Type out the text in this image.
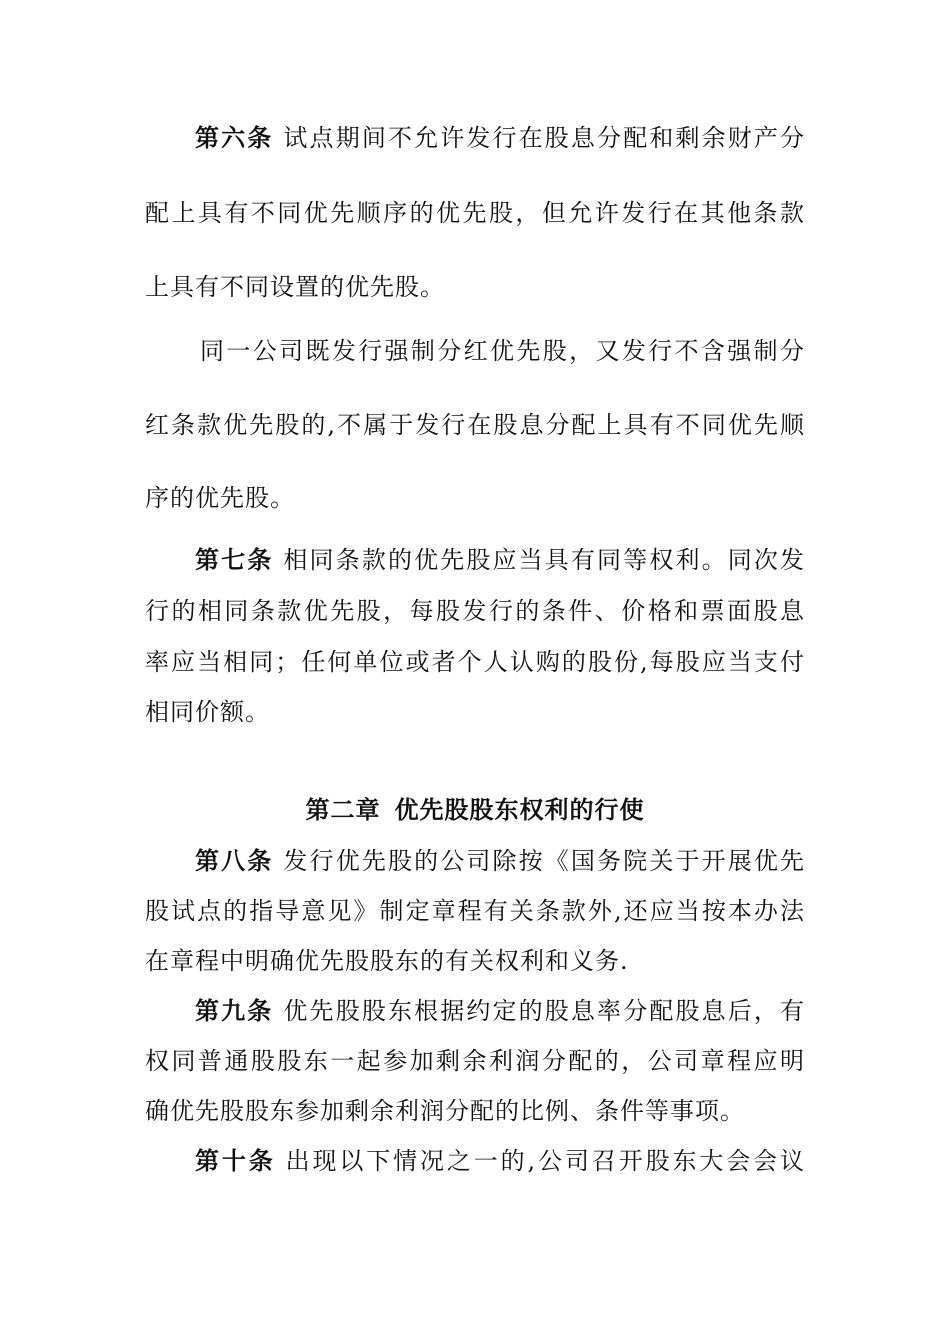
第六条 试点期间不允许发行在股息分配和剩余财产分
配上具有不同优先顺序的优先股，但允许发行在其他条款
上具有不同设置的优先股。
同一公司既发行强制分红优先股，又发行不含强制分
红条款优先股的,不属于发行在股息分配上具有不同优先顺
序的优先股。
第七条 相同条款的优先股应当具有同等权利。同次发
行的相同条款优先股，每股发行的条件、价格和票面股息
率应当相同；任何单位或者个人认购的股份,每股应当支付
相同价额。
第二章 优先股股东权利的行使
第八条 发行优先股的公司除按《国务院关于开展优先
股试点的指导意见》制定章程有关条款外,还应当按本办法
在章程中明确优先股股东的有关权利和义务.
第九条 优先股股东根据约定的股息率分配股息后，有
权同普通股股东一起参加剩余利润分配的，公司章程应明
确优先股股东参加剩余利润分配的比例、条件等事项。
第十条 出现以下情况之一的,公司召开股东大会会议
